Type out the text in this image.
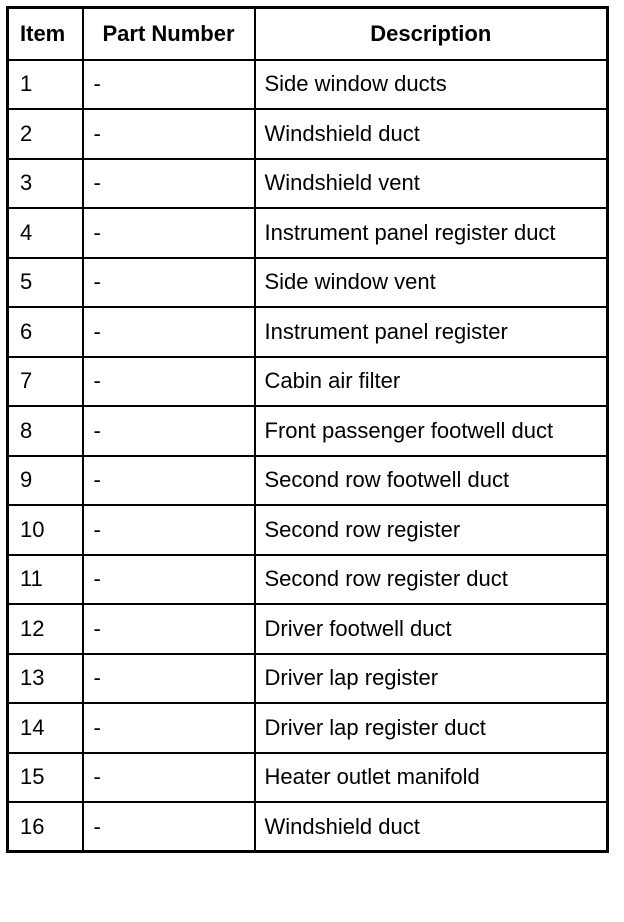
Item	Part Number	Description
1	-	Side window ducts
2	-	Windshield duct
3	-	Windshield vent
4	-	Instrument panel register duct
5	-	Side window vent
6	-	Instrument panel register
7	-	Cabin air filter
8	-	Front passenger footwell duct
9	-	Second row footwell duct
10	-	Second row register
11	-	Second row register duct
12	-	Driver footwell duct
13	-	Driver lap register
14	-	Driver lap register duct
15	-	Heater outlet manifold
16	-	Windshield duct
